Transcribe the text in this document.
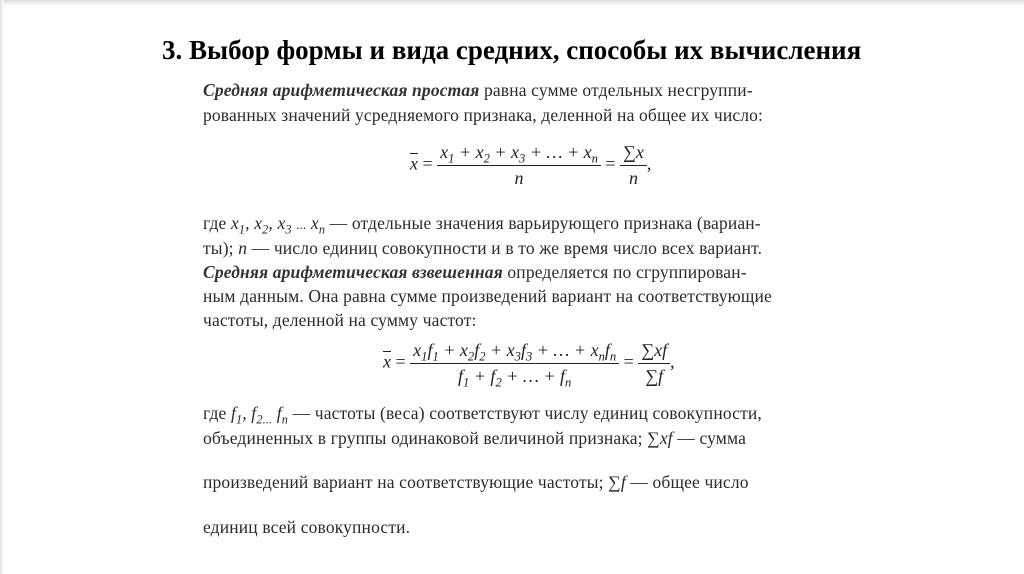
3. Выбор формы и вида средних, способы их вычисления
Средняя арифметическая простая равна сумме отдельных несгруппи-
рованных значений усредняемого признака, деленной на общее их число:
$\overline{x} = \frac{x_1 + x_2 + x_3 + \dots + x_n}{n} = \frac{\sum x}{n}$ ,
где $x_1$, $x_2$, $x_3$ ... $x_n$ — отдельные значения варьирующего признака (вариан-
ты); n — число единиц совокупности и в то же время число всех вариант.
Средняя арифметическая взвешенная определяется по сгруппирован-
ным данным. Она равна сумме произведений вариант на соответствующие
частоты, деленной на сумму частот:
$\overline{x} = \frac{x_1f_1 + x_2f_2 + x_3f_3 + \dots + x_nf_n}{f_1 + f_2 + \dots + f_n} = \frac{\sum xf}{\sum f}$ ,
где $f_1$, $f_{2...}$ $f_n$ — частоты (веса) соответствуют числу единиц совокупности,
объединенных в группы одинаковой величиной признака; ∑xf — сумма
произведений вариант на соответствующие частоты; ∑f — общее число
единиц всей совокупности.
